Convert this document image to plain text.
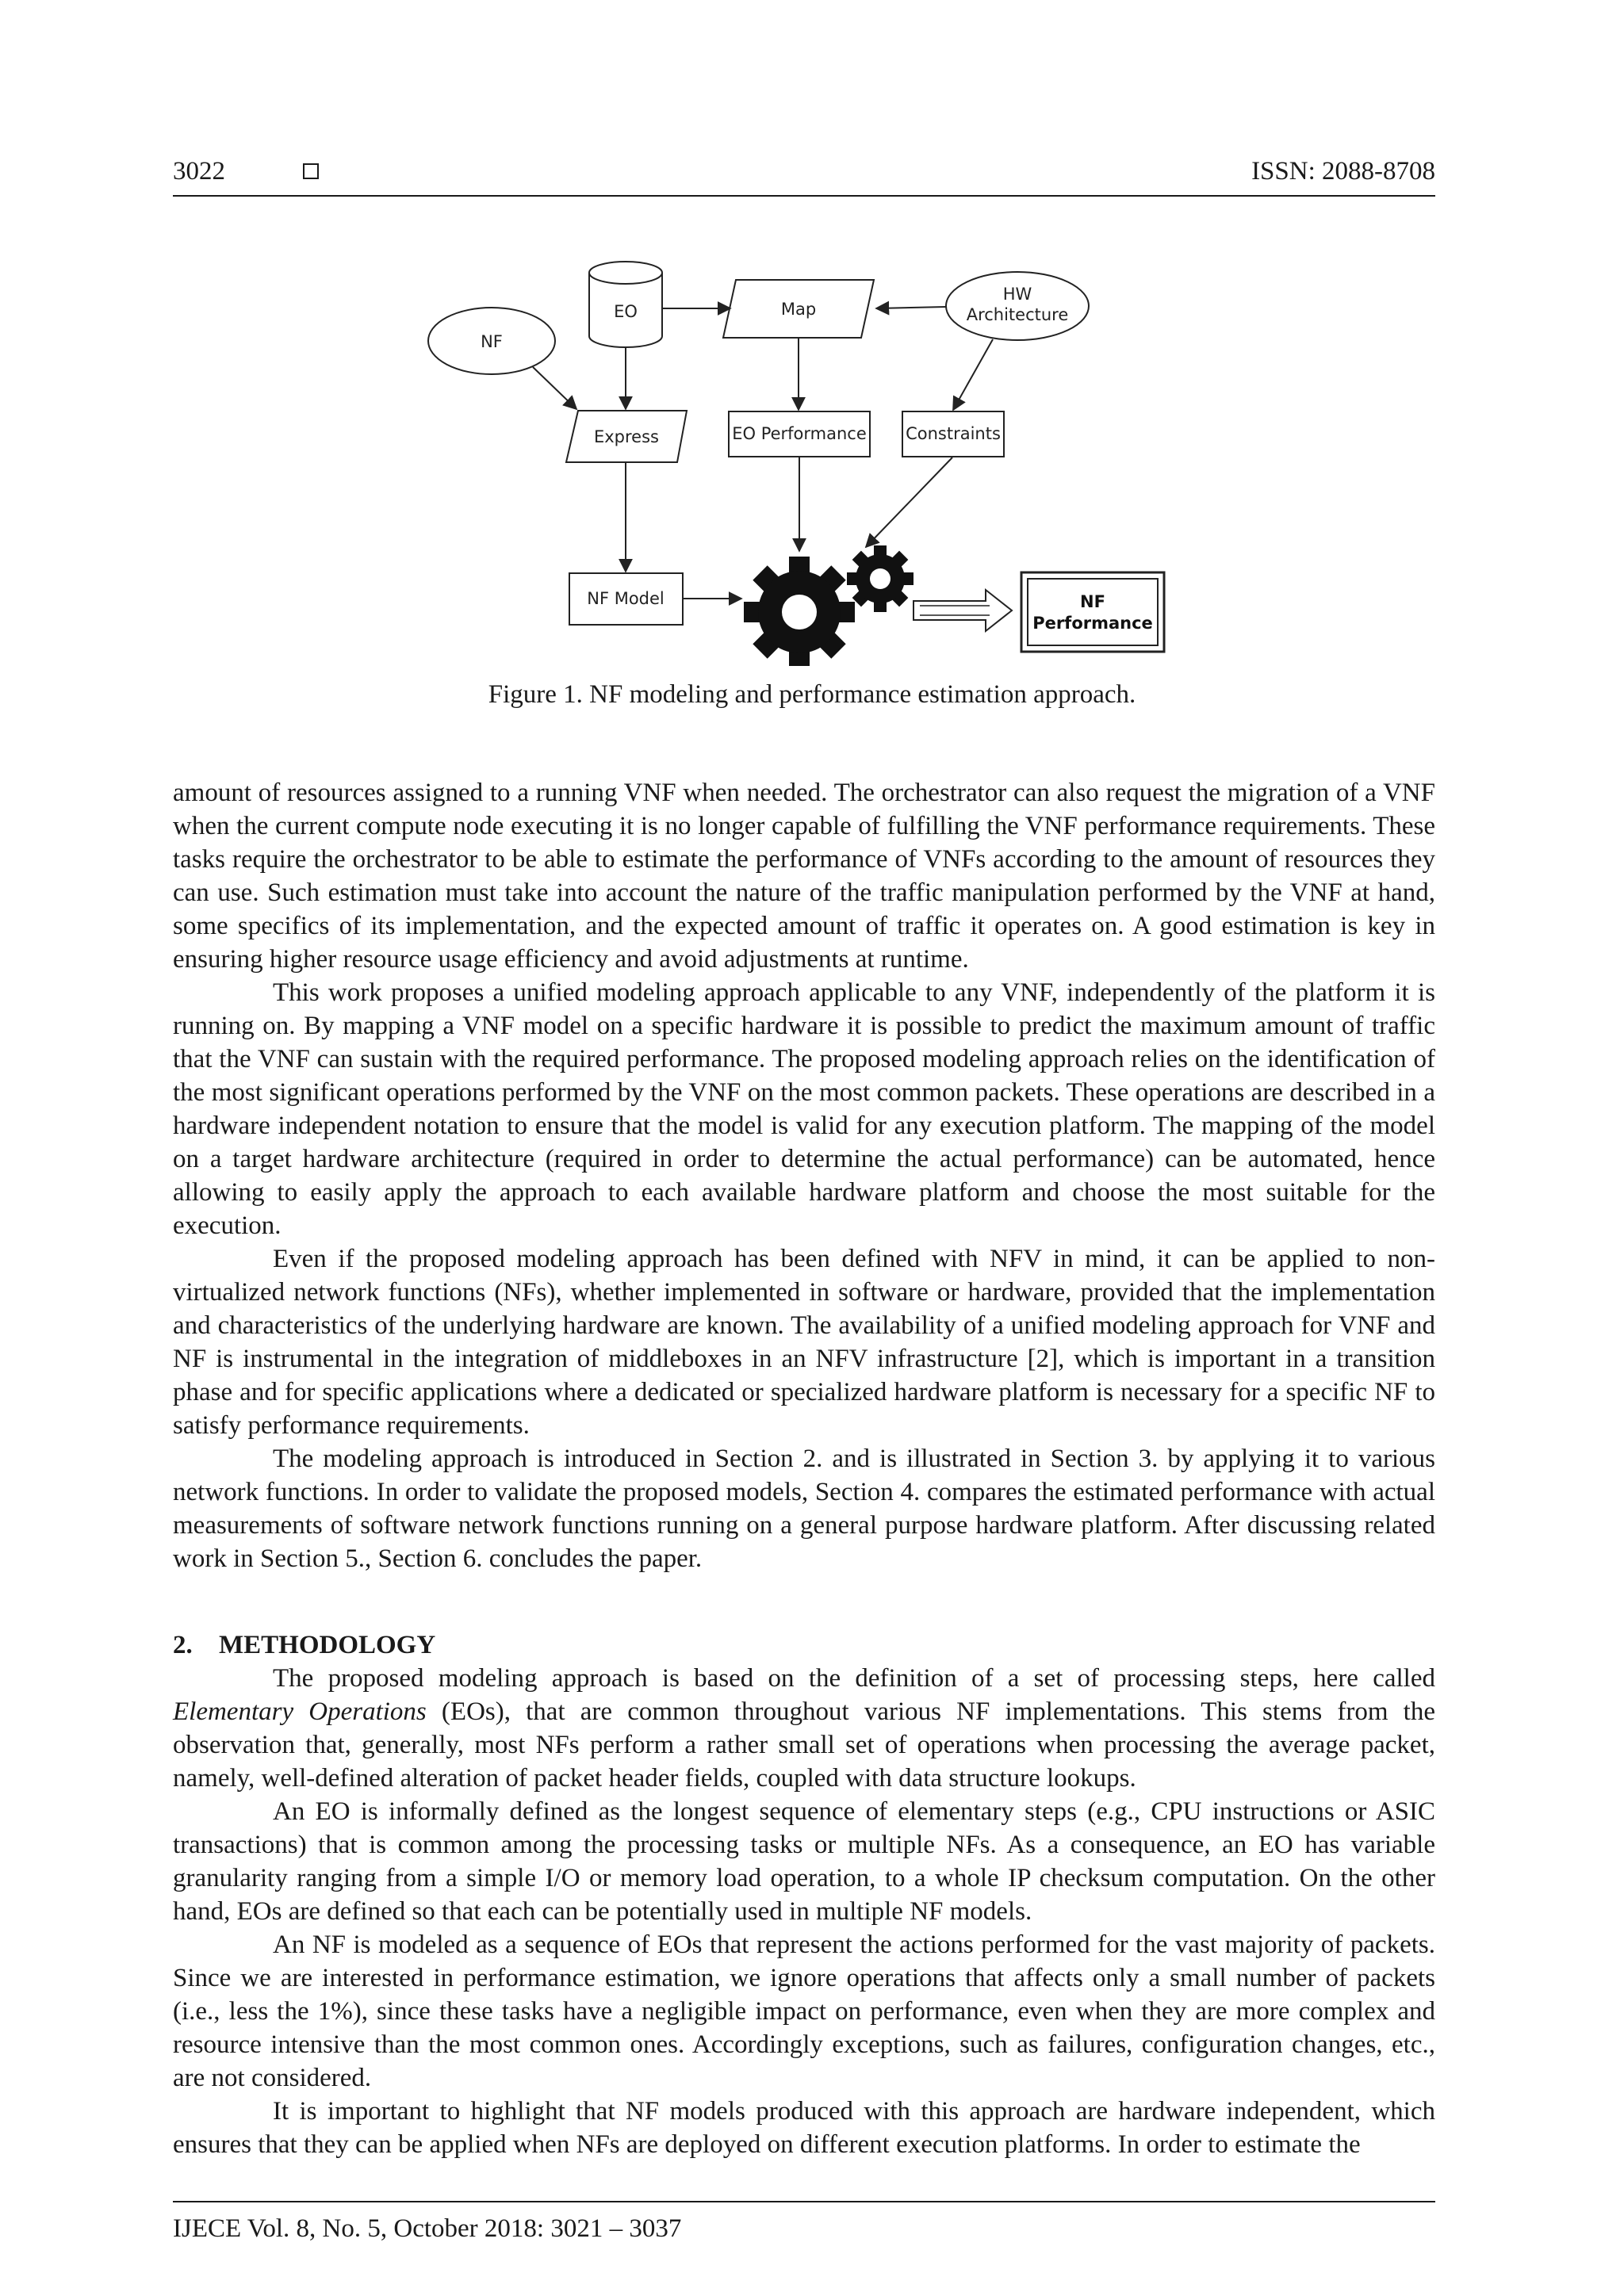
3022	ISSN: 2088-8708
NF
EO	Map
HW
Architecture
Express	EO Performance Constraints
NF Model	NF
Performance
Figure 1. NF modeling and performance estimation approach.

amount of resources assigned to a running VNF when needed. The orchestrator can also request the migration of a VNF when the current compute node executing it is no longer capable of fulfilling the VNF performance requirements. These tasks require the orchestrator to be able to estimate the performance of VNFs according to the amount of resources they can use. Such estimation must take into account the nature of the traffic manipulation performed by the VNF at hand, some specifics of its implementation, and the expected amount of traffic it operates on. A good estimation is key in ensuring higher resource usage efficiency and avoid adjustments at runtime.

This work proposes a unified modeling approach applicable to any VNF, independently of the platform it is running on. By mapping a VNF model on a specific hardware it is possible to predict the maximum amount of traffic that the VNF can sustain with the required performance. The proposed modeling approach relies on the identification of the most significant operations performed by the VNF on the most common packets. These operations are described in a hardware independent notation to ensure that the model is valid for any execution platform. The mapping of the model on a target hardware architecture (required in order to determine the actual performance) can be automated, hence allowing to easily apply the approach to each available hardware platform and choose the most suitable for the execution.

Even if the proposed modeling approach has been defined with NFV in mind, it can be applied to non-virtualized network functions (NFs), whether implemented in software or hardware, provided that the implementation and characteristics of the underlying hardware are known. The availability of a unified modeling approach for VNF and NF is instrumental in the integration of middleboxes in an NFV infrastructure [2], which is important in a transition phase and for specific applications where a dedicated or specialized hardware platform is necessary for a specific NF to satisfy performance requirements.

The modeling approach is introduced in Section 2. and is illustrated in Section 3. by applying it to various network functions. In order to validate the proposed models, Section 4. compares the estimated performance with actual measurements of software network functions running on a general purpose hardware platform. After discussing related work in Section 5., Section 6. concludes the paper.

2. METHODOLOGY

The proposed modeling approach is based on the definition of a set of processing steps, here called Elementary Operations (EOs), that are common throughout various NF implementations. This stems from the observation that, generally, most NFs perform a rather small set of operations when processing the average packet, namely, well-defined alteration of packet header fields, coupled with data structure lookups.

An EO is informally defined as the longest sequence of elementary steps (e.g., CPU instructions or ASIC transactions) that is common among the processing tasks or multiple NFs. As a consequence, an EO has variable granularity ranging from a simple I/O or memory load operation, to a whole IP checksum computation. On the other hand, EOs are defined so that each can be potentially used in multiple NF models.

An NF is modeled as a sequence of EOs that represent the actions performed for the vast majority of packets. Since we are interested in performance estimation, we ignore operations that affects only a small number of packets (i.e., less the 1%), since these tasks have a negligible impact on performance, even when they are more complex and resource intensive than the most common ones. Accordingly exceptions, such as failures, configuration changes, etc., are not considered.

It is important to highlight that NF models produced with this approach are hardware independent, which ensures that they can be applied when NFs are deployed on different execution platforms. In order to estimate the

IJECE Vol. 8, No. 5, October 2018: 3021 – 3037
